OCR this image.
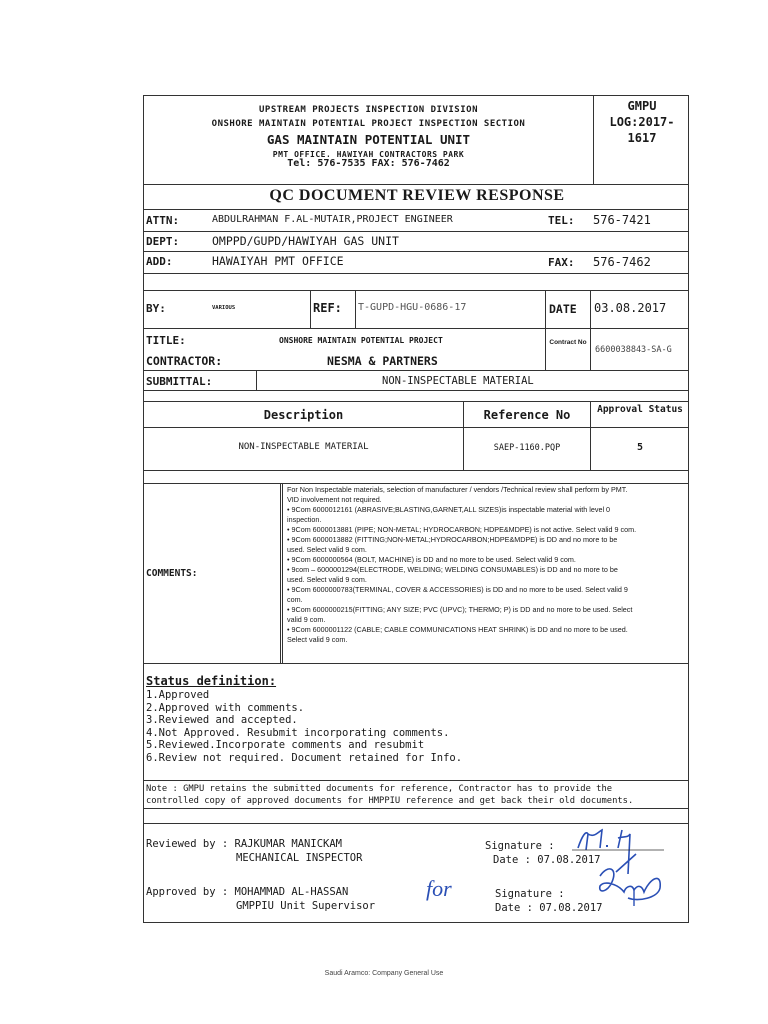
UPSTREAM PROJECTS INSPECTION DIVISION
ONSHORE MAINTAIN POTENTIAL PROJECT INSPECTION SECTION
GAS MAINTAIN POTENTIAL UNIT
PMT OFFICE, HAWIYAH CONTRACTORS PARK
Tel: 576-7535 FAX: 576-7462
GMPU
LOG:2017-
1617
QC DOCUMENT REVIEW RESPONSE
ATTN:	ABDULRAHMAN F.AL-MUTAIR,PROJECT ENGINEER	TEL: 576-7421
DEPT:	OMPPD/GUPD/HAWIYAH GAS UNIT
ADD:	HAWAIYAH PMT OFFICE	FAX: 576-7462
BY:	VARIOUS	REF: T-GUPD-HGU-0686-17	DATE 03.08.2017
TITLE:	ONSHORE MAINTAIN POTENTIAL PROJECT	Contract No
6600038843-SA-G
CONTRACTOR:	NESMA & PARTNERS
SUBMITTAL:	NON-INSPECTABLE MATERIAL
Description	Reference No	Approval Status
NON-INSPECTABLE MATERIAL	SAEP-1160.PQP	5
COMMENTS:
For Non Inspectable materials, selection of manufacturer / vendors /Technical review shall perform by PMT.
VID involvement not required.
• 9Com 6000012161 (ABRASIVE;BLASTING,GARNET,ALL SIZES)is inspectable material with level 0
inspection.
• 9Com 6000013881 (PIPE; NON-METAL; HYDROCARBON; HDPE&MDPE) is not active. Select valid 9 com.
• 9Com 6000013882 (FITTING;NON-METAL;HYDROCARBON;HDPE&MDPE) is DD and no more to be
used. Select valid 9 com.
• 9Com 6000000564 (BOLT, MACHINE) is DD and no more to be used. Select valid 9 com.
• 9com – 6000001294(ELECTRODE, WELDING; WELDING CONSUMABLES) is DD and no more to be
used. Select valid 9 com.
• 9Com 6000000783(TERMINAL, COVER & ACCESSORIES) is DD and no more to be used. Select valid 9
com.
• 9Com 6000000215(FITTING; ANY SIZE; PVC (UPVC); THERMO; P) is DD and no more to be used. Select
valid 9 com.
• 9Com 6000001122 (CABLE; CABLE COMMUNICATIONS HEAT SHRINK) is DD and no more to be used.
Select valid 9 com.
Status definition:
1.Approved
2.Approved with comments.
3.Reviewed and accepted.
4.Not Approved. Resubmit incorporating comments.
5.Reviewed.Incorporate comments and resubmit
6.Review not required. Document retained for Info.
Note : GMPU retains the submitted documents for reference, Contractor has to provide the
controlled copy of approved documents for HMPPIU reference and get back their old documents.
Reviewed by : RAJKUMAR MANICKAM
MECHANICAL INSPECTOR
Signature :
Date : 07.08.2017
Approved by : MOHAMMAD AL-HASSAN
GMPPIU Unit Supervisor
for	Signature :
Date : 07.08.2017
Saudi Aramco: Company General Use
